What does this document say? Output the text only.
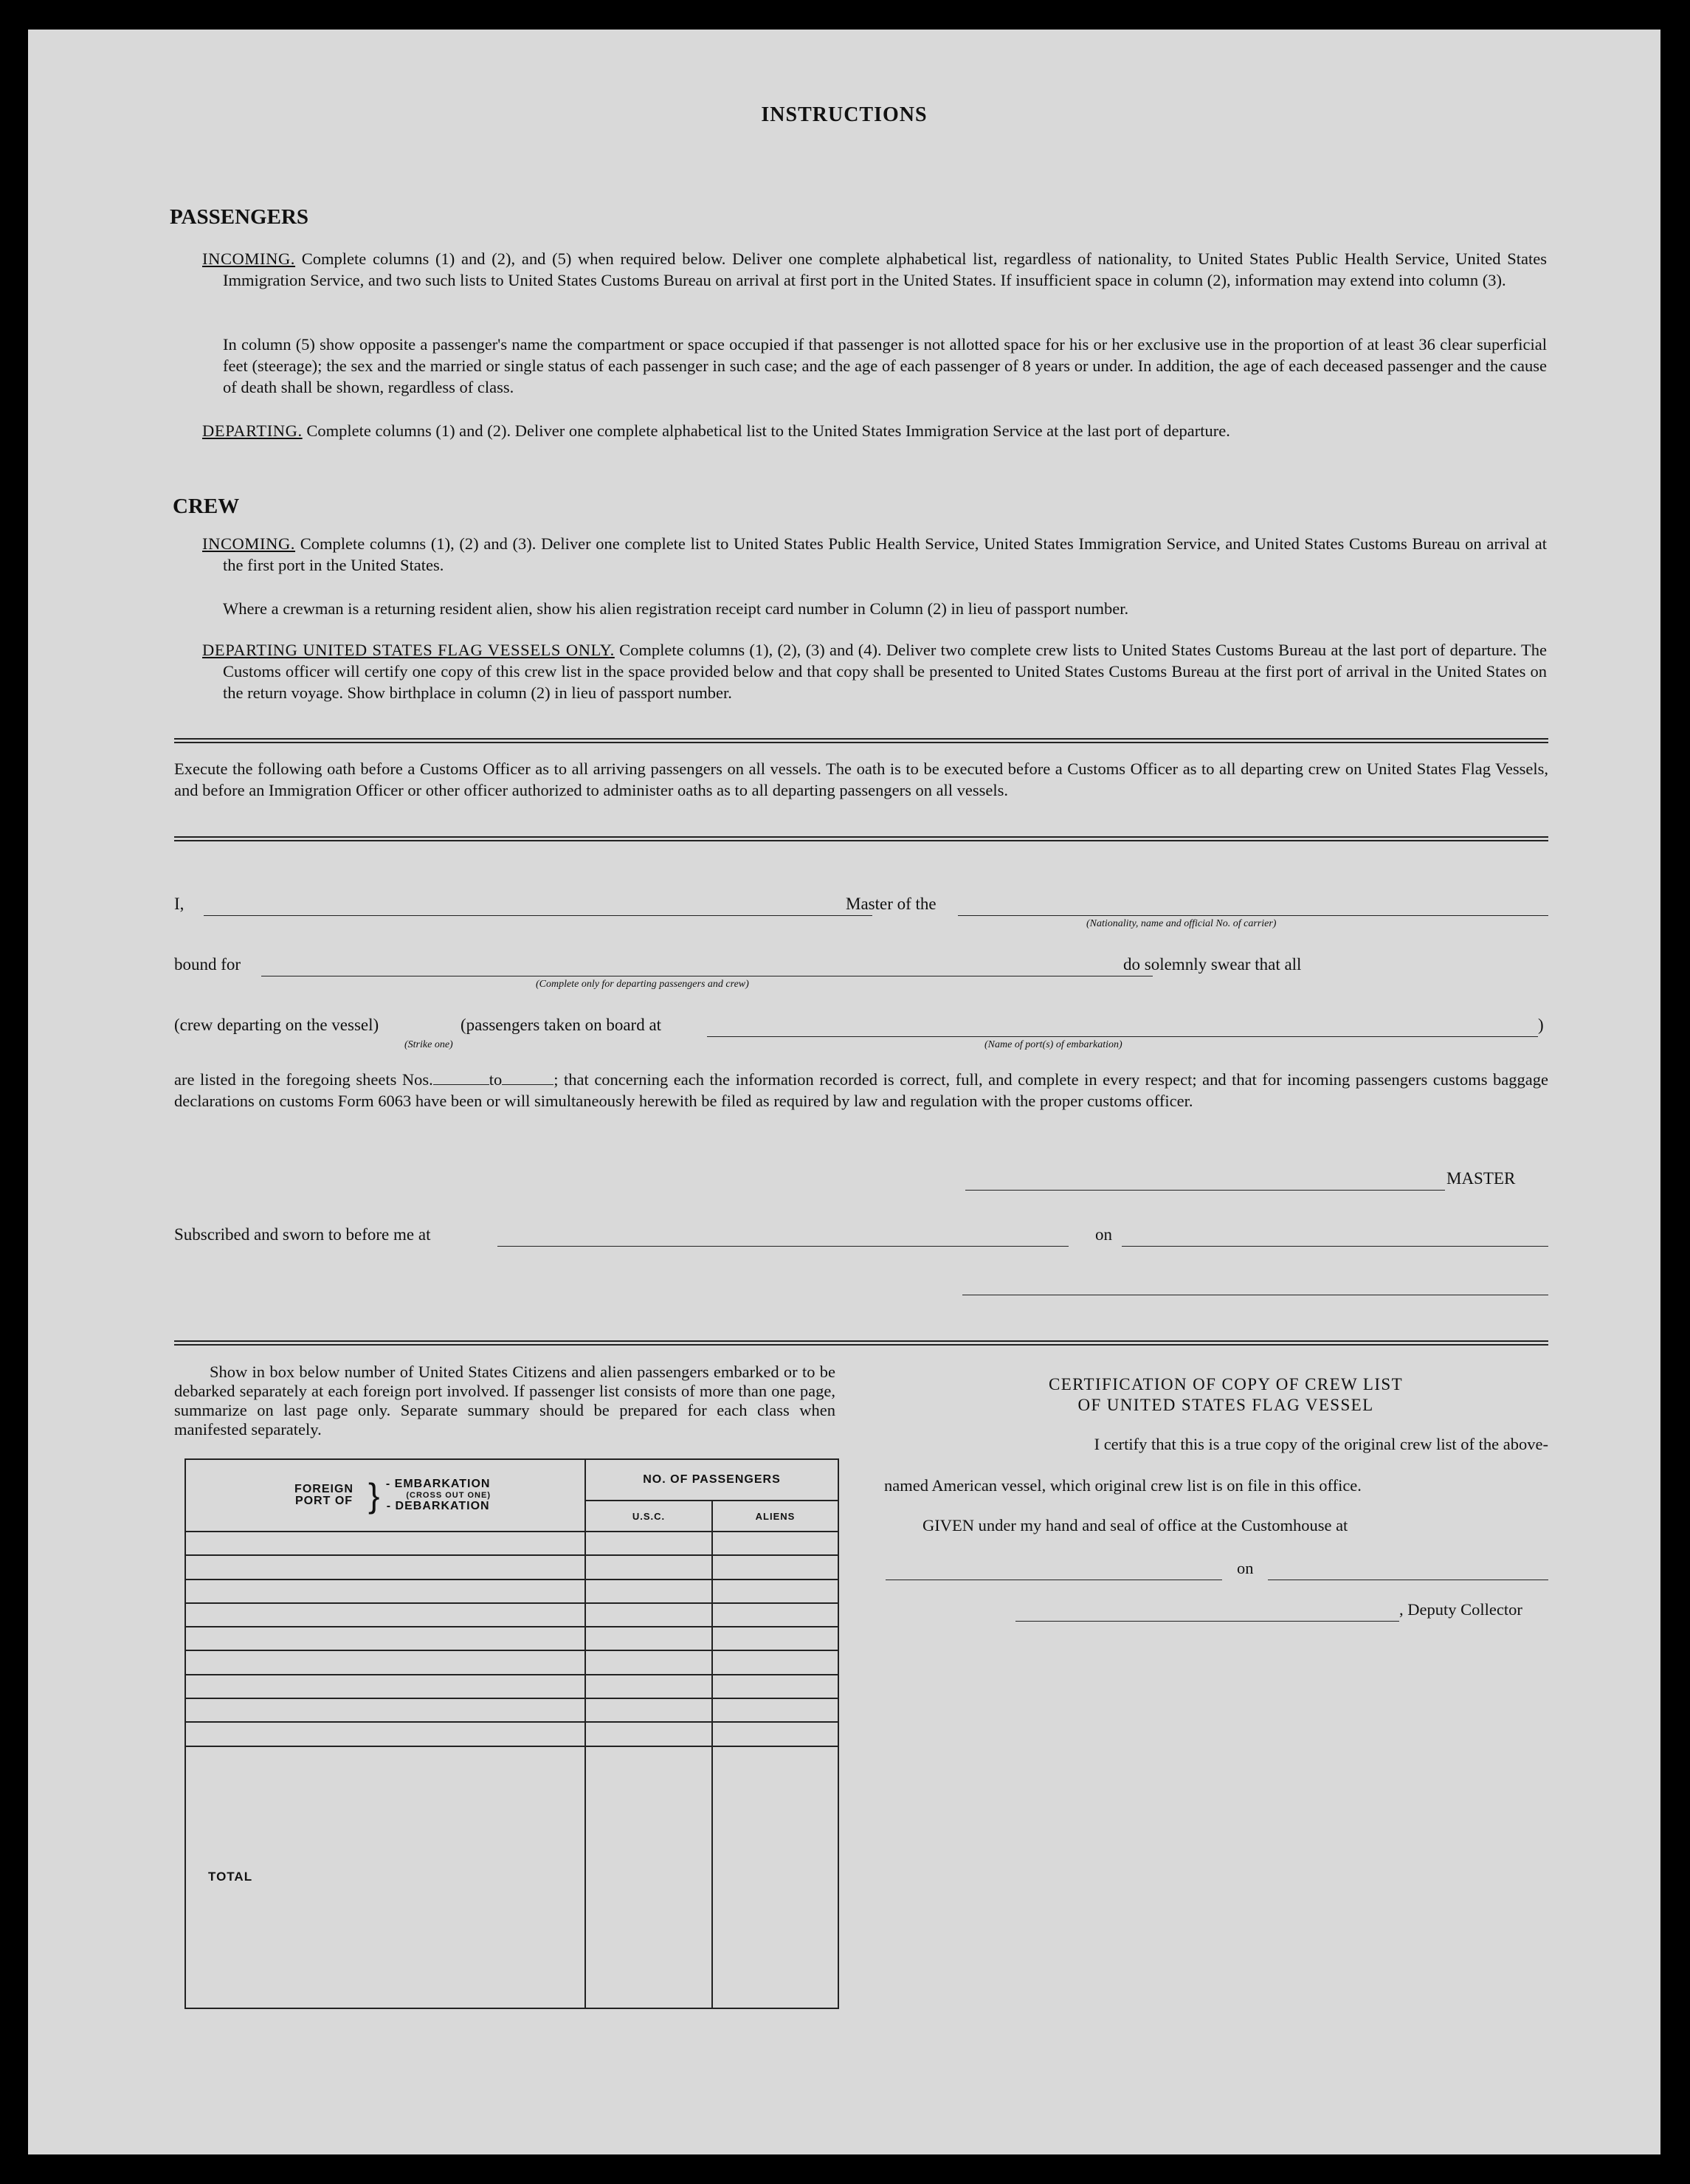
INSTRUCTIONS
PASSENGERS
INCOMING. Complete columns (1) and (2), and (5) when required below. Deliver one complete alphabetical list, regardless of nationality, to United States Public Health Service, United States Immigration Service, and two such lists to United States Customs Bureau on arrival at first port in the United States. If insufficient space in column (2), information may extend into column (3).
In column (5) show opposite a passenger's name the compartment or space occupied if that passenger is not allotted space for his or her exclusive use in the proportion of at least 36 clear superficial feet (steerage); the sex and the married or single status of each passenger in such case; and the age of each passenger of 8 years or under. In addition, the age of each deceased passenger and the cause of death shall be shown, regardless of class.
DEPARTING. Complete columns (1) and (2). Deliver one complete alphabetical list to the United States Immigration Service at the last port of departure.
CREW
INCOMING. Complete columns (1), (2) and (3). Deliver one complete list to United States Public Health Service, United States Immigration Service, and United States Customs Bureau on arrival at the first port in the United States.
Where a crewman is a returning resident alien, show his alien registration receipt card number in Column (2) in lieu of passport number.
DEPARTING UNITED STATES FLAG VESSELS ONLY. Complete columns (1), (2), (3) and (4). Deliver two complete crew lists to United States Customs Bureau at the last port of departure. The Customs officer will certify one copy of this crew list in the space provided below and that copy shall be presented to United States Customs Bureau at the first port of arrival in the United States on the return voyage. Show birthplace in column (2) in lieu of passport number.
Execute the following oath before a Customs Officer as to all arriving passengers on all vessels. The oath is to be executed before a Customs Officer as to all departing crew on United States Flag Vessels, and before an Immigration Officer or other officer authorized to administer oaths as to all departing passengers on all vessels.
I,	Master of the
(Nationality, name and official No. of carrier)
bound for
(Complete only for departing passengers and crew)
do solemnly swear that all
(crew departing on the vessel)	(passengers taken on board at
(Strike one)	(Name of port(s) of embarkation)
)
are listed in the foregoing sheets Nos.	to	; that concerning each the information recorded is correct, full, and complete in every respect; and that for incoming passengers customs baggage declarations on customs Form 6063 have been or will simultaneously herewith be filed as required by law and regulation with the proper customs officer.
MASTER
Subscribed and sworn to before me at	on
Show in box below number of United States Citizens and alien passengers embarked or to be debarked separately at each foreign port involved. If passenger list consists of more than one page, summarize on last page only. Separate summary should be prepared for each class when manifested separately.
FOREIGN PORT OF } - EMBARKATION
(CROSS OUT ONE)
- DEBARKATION	NO. OF PASSENGERS	
	U.S.C.	ALIENS

TOTAL		
CERTIFICATION OF COPY OF CREW LIST
OF UNITED STATES FLAG VESSEL
I certify that this is a true copy of the original crew list of the above-
named American vessel, which original crew list is on file in this office.
GIVEN under my hand and seal of office at the Customhouse at
on
, Deputy Collector
